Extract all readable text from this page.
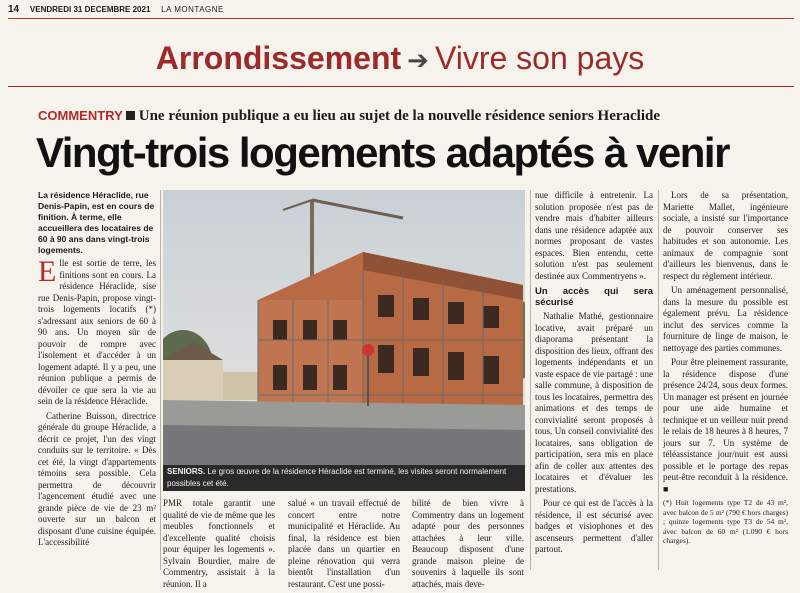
14 VENDREDI 31 DECEMBRE 2021 LA MONTAGNE
Arrondissement ➔ Vivre son pays
COMMENTRY Une réunion publique a eu lieu au sujet de la nouvelle résidence seniors Heraclide
Vingt-trois logements adaptés à venir
La résidence Héraclide, rue Denis-Papin, est en cours de finition. À terme, elle accueillera des locataires de 60 à 90 ans dans vingt-trois logements.

Elle est sortie de terre, les finitions sont en cours. La résidence Héraclide, sise rue Denis-Papin, propose vingt-trois logements locatifs (*) s'adressant aux seniors de 60 à 90 ans. Un moyen sûr de pouvoir de rompre avec l'isolement et d'accéder à un logement adapté. Il y a peu, une réunion publique a permis de dévoiler ce que sera la vie au sein de la résidence Héraclide.

Catherine Buisson, directrice générale du groupe Héraclide, a décrit ce projet, l'un des vingt conduits sur le territoire. « Dès cet été, la vingt d'appartements témoins sera possible. Cela permettra de découvrir l'agencement étudié avec une grande pièce de vie de 23 m² ouverte sur un balcon et disposant d'une cuisine équipée. L'accessibilité

SENIORS. Le gros œuvre de la résidence Héraclide est terminé, les visites seront normalement possibles cet été.

PMR totale garantit une qualité de vie de même que les meubles fonctionnels et d'excellente qualité choisis pour équiper les logements ». Sylvain Bourdier, maire de Commentry, assistait à la réunion. Il a

salué « un travail effectué de concert entre notre municipalité et Héraclide. Au final, la résidence est bien placée dans un quartier en pleine rénovation qui verra bientôt l'installation d'un restaurant. C'est une possi-

bilité de bien vivre à Commentry dans un logement adapté pour des personnes attachées à leur ville. Beaucoup disposent d'une grande maison pleine de souvenirs à laquelle ils sont attachés, mais deve-

nue difficile à entretenir. La solution proposée n'est pas de vendre mais d'habiter ailleurs dans une résidence adaptée aux normes proposant de vastes espaces. Bien entendu, cette solution n'est pas seulement destinée aux Commentryens ».

Un accès qui sera sécurisé

Nathalie Mathé, gestionnaire locative, avait préparé un diaporama présentant la disposition des lieux, offrant des logements indépendants et un vaste espace de vie partagé : une salle commune, à disposition de tous les locataires, permettra des animations et des temps de convivialité seront proposés à tous. Un conseil convivialité des locataires, sans obligation de participation, sera mis en place afin de coller aux attentes des locataires et d'évaluer les prestations.

Pour ce qui est de l'accès à la résidence, il est sécurisé avec badges et visiophones et des ascenseurs permettent d'aller partout.

Lors de sa présentation, Mariette Mallet, ingénieure sociale, a insisté sur l'importance de pouvoir conserver ses habitudes et son autonomie. Les animaux de compagnie sont d'ailleurs les bienvenus, dans le respect du règlement intérieur.

Un aménagement personnalisé, dans la mesure du possible est également prévu. La résidence inclut des services comme la fourniture de linge de maison, le nettoyage des parties communes.

Pour être pleinement rassurante, la résidence dispose d'une présence 24/24, sous deux formes. Un manager est présent en journée pour une aide humaine et technique et un veilleur nuit prend le relais de 18 heures à 8 heures, 7 jours sur 7. Un système de téléassistance jour/nuit est aussi possible et le portage des repas peut-être reconduit à la résidence. ■

(*) Huit logements type T2 de 43 m², avec balcon de 5 m² (790 € hors charges) ; quinze logements type T3 de 54 m², avec balcon de 60 m² (1.090 € hors charges).
